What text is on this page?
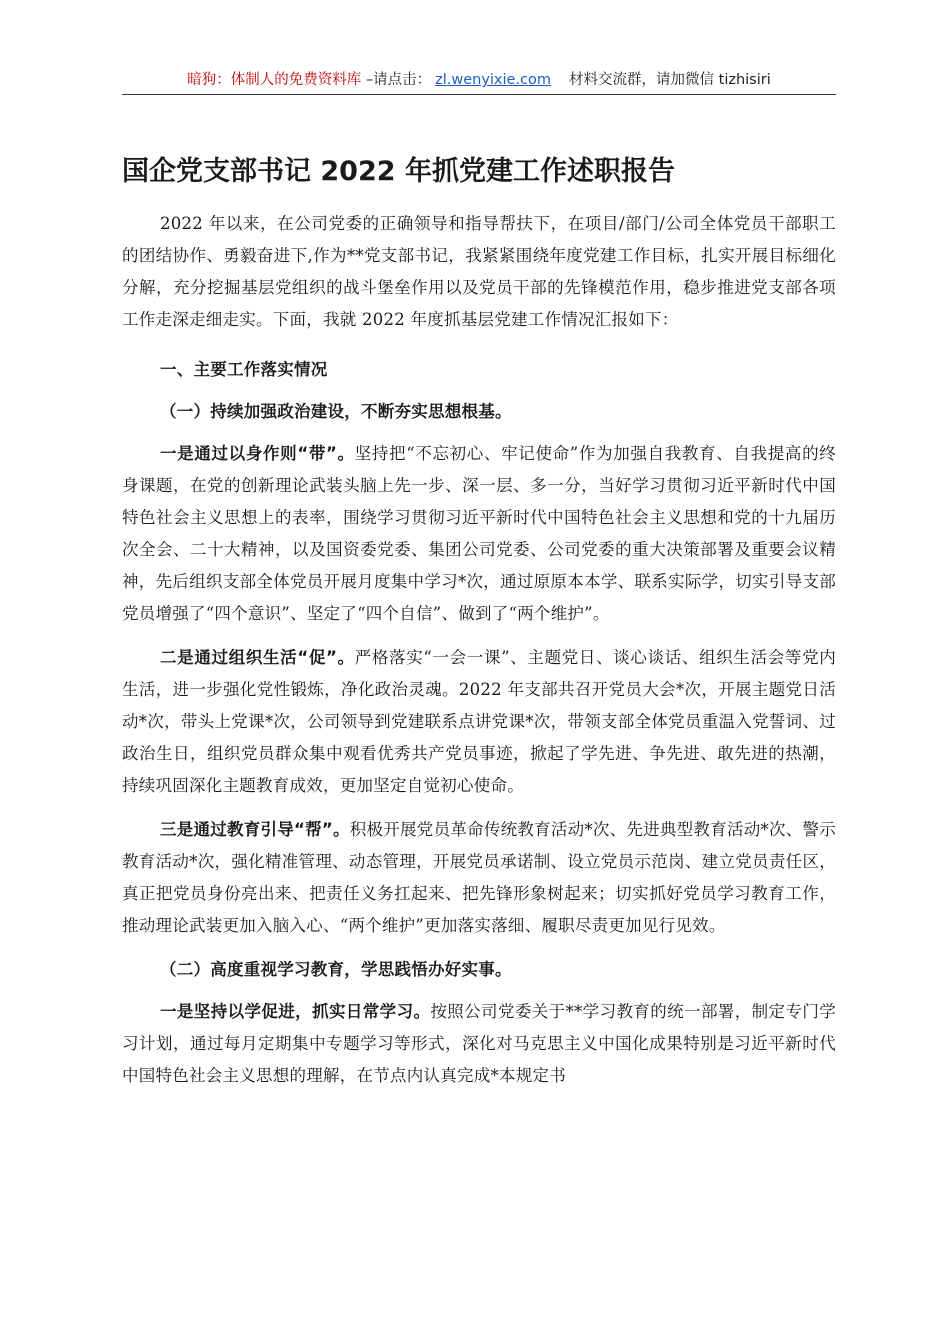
暗狗：体制人的免费资料库 –请点击： zl.wenyixie.com 材料交流群，请加微信 tizhisiri
国企党支部书记 2022 年抓党建工作述职报告

2022 年以来，在公司党委的正确领导和指导帮扶下，在项目/部门/公司全体党员干部职工的团结协作、勇毅奋进下,作为**党支部书记，我紧紧围绕年度党建工作目标，扎实开展目标细化分解，充分挖掘基层党组织的战斗堡垒作用以及党员干部的先锋模范作用，稳步推进党支部各项工作走深走细走实。下面，我就 2022 年度抓基层党建工作情况汇报如下：

一、主要工作落实情况

（一）持续加强政治建设，不断夯实思想根基。

一是通过以身作则“带”。坚持把“不忘初心、牢记使命”作为加强自我教育、自我提高的终身课题，在党的创新理论武装头脑上先一步、深一层、多一分，当好学习贯彻习近平新时代中国特色社会主义思想上的表率，围绕学习贯彻习近平新时代中国特色社会主义思想和党的十九届历次全会、二十大精神，以及国资委党委、集团公司党委、公司党委的重大决策部署及重要会议精神，先后组织支部全体党员开展月度集中学习*次，通过原原本本学、联系实际学，切实引导支部党员增强了“四个意识”、坚定了“四个自信”、做到了“两个维护”。

二是通过组织生活“促”。严格落实“一会一课”、主题党日、谈心谈话、组织生活会等党内生活，进一步强化党性锻炼，净化政治灵魂。2022 年支部共召开党员大会*次，开展主题党日活动*次，带头上党课*次，公司领导到党建联系点讲党课*次，带领支部全体党员重温入党誓词、过政治生日，组织党员群众集中观看优秀共产党员事迹，掀起了学先进、争先进、敢先进的热潮，持续巩固深化主题教育成效，更加坚定自觉初心使命。

三是通过教育引导“帮”。积极开展党员革命传统教育活动*次、先进典型教育活动*次、警示教育活动*次，强化精准管理、动态管理，开展党员承诺制、设立党员示范岗、建立党员责任区，真正把党员身份亮出来、把责任义务扛起来、把先锋形象树起来；切实抓好党员学习教育工作，推动理论武装更加入脑入心、“两个维护”更加落实落细、履职尽责更加见行见效。

（二）高度重视学习教育，学思践悟办好实事。

一是坚持以学促进，抓实日常学习。按照公司党委关于**学习教育的统一部署，制定专门学习计划，通过每月定期集中专题学习等形式，深化对马克思主义中国化成果特别是习近平新时代中国特色社会主义思想的理解，在节点内认真完成*本规定书
